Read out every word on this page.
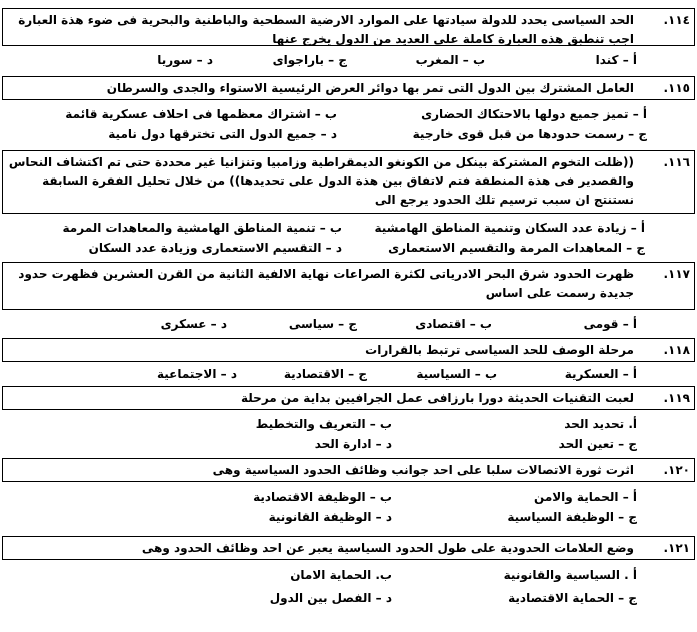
١١٤.
الحد السياسى يحدد للدولة سيادتها على الموارد الارضية السطحية والباطنية والبحرية فى ضوء هذة العبارة اجب تنطبق هذه العبارة كاملة على العديد من الدول يخرج عنها
أ – كندا
ب – المغرب
ج – باراجواى
د – سوريا
١١٥.
العامل المشترك بين الدول التى تمر بها دوائر العرض الرئيسية الاستواء والجدى والسرطان
أ – تميز جميع دولها بالاحتكاك الحضارى
ب – اشتراك معظمها فى احلاف عسكرية قائمة
ج – رسمت حدودها من قبل قوى خارجية
د – جميع الدول التى تخترقها دول نامية
١١٦.
((ظلت التخوم المشتركة بينكل من الكونغو الديمقراطية وزامبيا وتنزانيا غير محددة حتى تم اكتشاف النحاس والقصدير فى هذة المنطقة فتم لاتفاق بين هذة الدول على تحديدها)) من خلال تحليل الفقرة السابقة نستنتج ان سبب ترسيم تلك الحدود يرجع الى
أ – زيادة عدد السكان وتنمية المناطق الهامشية
ب – تنمية المناطق الهامشية والمعاهدات المرمة
ج – المعاهدات المرمة والتقسيم الاستعمارى
د – التقسيم الاستعمارى وزيادة عدد السكان
١١٧.
ظهرت الحدود شرق البحر الادرياتى لكثرة الصراعات نهاية الالفية الثانية من القرن العشرين فظهرت حدود جديدة رسمت على اساس
أ – قومى
ب – اقتصادى
ج – سياسى
د – عسكرى
١١٨.
مرحلة الوصف للحد السياسى ترتبط بالقرارات
أ – العسكرية
ب – السياسية
ج – الاقتصادية
د – الاجتماعية
١١٩.
لعبت التقنيات الحديثة دورا بارزافى عمل الجرافيين بداية من مرحلة
أ. تحديد الحد
ب – التعريف والتخطيط
ج – تعين الحد
د – ادارة الحد
١٢٠.
اثرت ثورة الاتصالات سلبا على احد جوانب وظائف الحدود السياسية وهى
أ – الحماية والامن
ب – الوظيفة الاقتصادية
ج – الوظيفة السياسية
د – الوظيفة القانونية
١٢١.
وضع العلامات الحدودية على طول الحدود السياسية يعبر عن احد وظائف الحدود وهى
أ . السياسية والقانونية
ب. الحماية الامان
ج – الحماية الاقتصادية
د – الفصل بين الدول
